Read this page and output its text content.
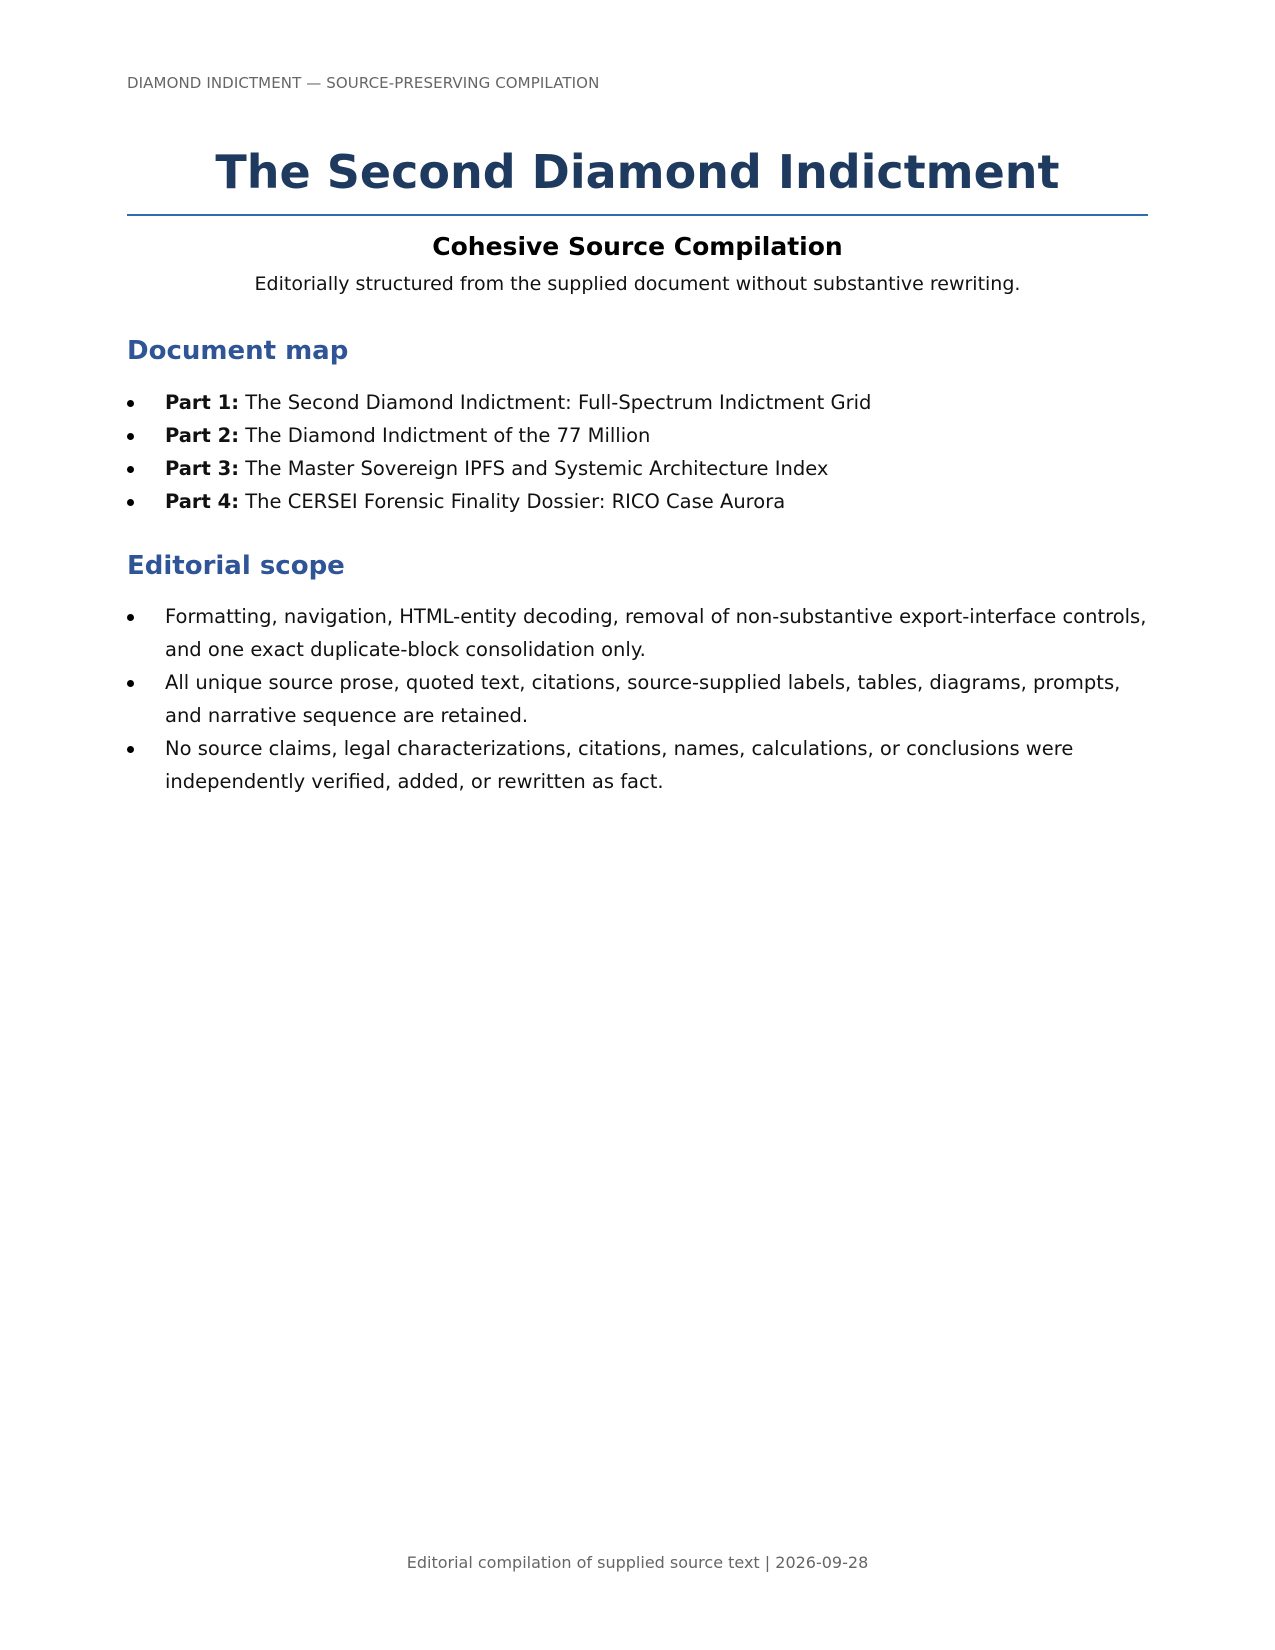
DIAMOND INDICTMENT — SOURCE-PRESERVING COMPILATION
The Second Diamond Indictment
Cohesive Source Compilation

Editorially structured from the supplied document without substantive rewriting.

Document map
Part 1: The Second Diamond Indictment: Full-Spectrum Indictment Grid
Part 2: The Diamond Indictment of the 77 Million
Part 3: The Master Sovereign IPFS and Systemic Architecture Index
Part 4: The CERSEI Forensic Finality Dossier: RICO Case Aurora
Editorial scope
Formatting, navigation, HTML-entity decoding, removal of non-substantive export-interface controls, and one exact duplicate-block consolidation only.
All unique source prose, quoted text, citations, source-supplied labels, tables, diagrams, prompts, and narrative sequence are retained.
No source claims, legal characterizations, citations, names, calculations, or conclusions were independently verified, added, or rewritten as fact.
Editorial compilation of supplied source text | 2026-09-28
